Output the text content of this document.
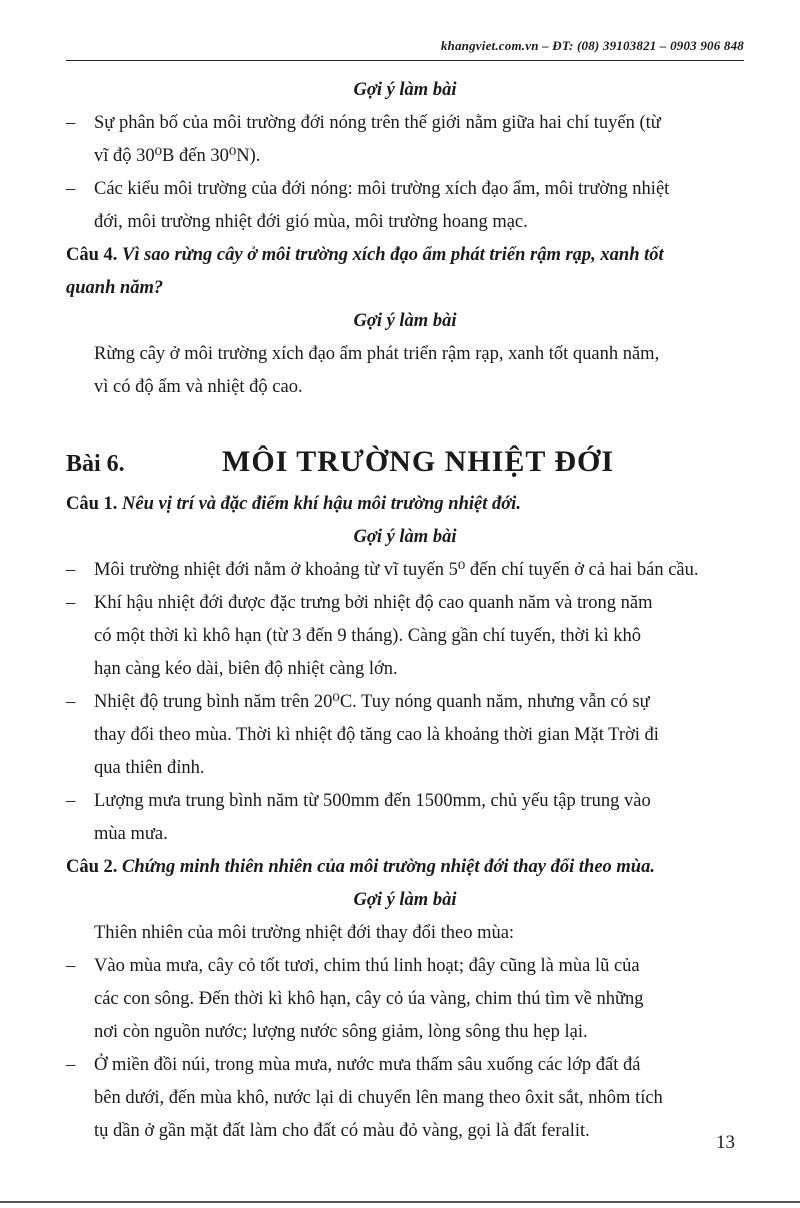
khangviet.com.vn – ĐT: (08) 39103821 – 0903 906 848

Gợi ý làm bài

– Sự phân bố của môi trường đới nóng trên thế giới nằm giữa hai chí tuyến (từ
vĩ độ 30⁰B đến 30⁰N).
– Các kiểu môi trường của đới nóng: môi trường xích đạo ẩm, môi trường nhiệt
đới, môi trường nhiệt đới gió mùa, môi trường hoang mạc.
Câu 4. Vì sao rừng cây ở môi trường xích đạo ẩm phát triển rậm rạp, xanh tốt
quanh năm?

Gợi ý làm bài

Rừng cây ở môi trường xích đạo ẩm phát triển rậm rạp, xanh tốt quanh năm,
vì có độ ẩm và nhiệt độ cao.
Bài 6.	MÔI TRƯỜNG NHIỆT ĐỚI
Câu 1. Nêu vị trí và đặc điểm khí hậu môi trường nhiệt đới.

Gợi ý làm bài

– Môi trường nhiệt đới nằm ở khoảng từ vĩ tuyến 5⁰ đến chí tuyến ở cả hai bán cầu.
– Khí hậu nhiệt đới được đặc trưng bởi nhiệt độ cao quanh năm và trong năm
có một thời kì khô hạn (từ 3 đến 9 tháng). Càng gần chí tuyến, thời kì khô
hạn càng kéo dài, biên độ nhiệt càng lớn.
– Nhiệt độ trung bình năm trên 20⁰C. Tuy nóng quanh năm, nhưng vẫn có sự
thay đổi theo mùa. Thời kì nhiệt độ tăng cao là khoảng thời gian Mặt Trời đi
qua thiên đỉnh.
– Lượng mưa trung bình năm từ 500mm đến 1500mm, chủ yếu tập trung vào
mùa mưa.
Câu 2. Chứng minh thiên nhiên của môi trường nhiệt đới thay đổi theo mùa.

Gợi ý làm bài

Thiên nhiên của môi trường nhiệt đới thay đổi theo mùa:
– Vào mùa mưa, cây cỏ tốt tươi, chim thú linh hoạt; đây cũng là mùa lũ của
các con sông. Đến thời kì khô hạn, cây cỏ úa vàng, chim thú tìm về những
nơi còn nguồn nước; lượng nước sông giảm, lòng sông thu hẹp lại.
– Ở miền đồi núi, trong mùa mưa, nước mưa thấm sâu xuống các lớp đất đá
bên dưới, đến mùa khô, nước lại di chuyển lên mang theo ôxit sắt, nhôm tích
tụ dần ở gần mặt đất làm cho đất có màu đỏ vàng, gọi là đất feralit.
13
